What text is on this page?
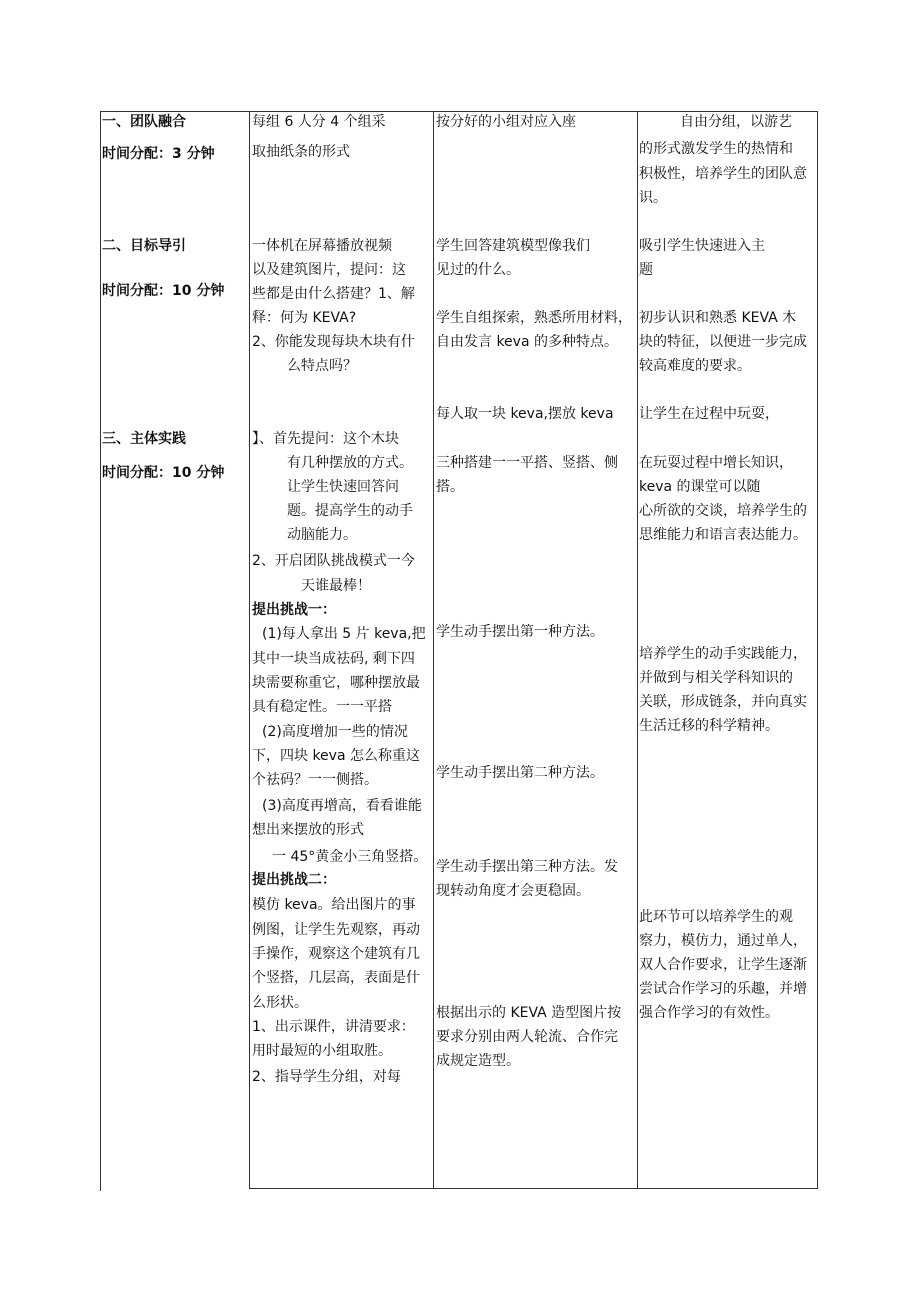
一、团队融合
时间分配：3 分钟
每组 6 人分 4 个组采
取抽纸条的形式
按分好的小组对应入座	自由分组，以游艺
的形式激发学生的热情和
积极性，培养学生的团队意
识。
二、目标导引
时间分配：10 分钟
一体机在屏幕播放视频
以及建筑图片，提问：这
些都是由什么搭建？1、解
释：何为 KEVA?
2、你能发现每块木块有什
么特点吗？
学生回答建筑模型像我们
见过的什么。
学生自组探索，熟悉所用材料，
自由发言 keva 的多种特点。
吸引学生快速进入主
题
初步认识和熟悉 KEVA 木
块的特征，以便进一步完成
较高难度的要求。
三、主体实践
时间分配：10 分钟
】、首先提问：这个木块
有几种摆放的方式。
让学生快速回答问
题。提高学生的动手
动脑能力。
2、开启团队挑战模式一今
天谁最棒！
提出挑战一：
(1)每人拿出 5 片 keva,把
其中一块当成祛码, 剩下四
块需要称重它，哪种摆放最
具有稳定性。一一平搭
(2)高度增加一些的情况
下，四块 keva 怎么称重这
个祛码？一一侧搭。
(3)高度再增高，看看谁能
想出来摆放的形式
一 45°黄金小三角竖搭。
提出挑战二：
模仿 keva。给出图片的事
例图，让学生先观察，再动
手操作，观察这个建筑有几
个竖搭，几层高，表面是什
么形状。
1、出示课件，讲清要求：
用时最短的小组取胜。
2、指导学生分组，对每
每人取一块 keva,摆放 keva
三种搭建一一平搭、竖搭、侧
搭。
学生动手摆出第一种方法。
学生动手摆出第二种方法。
学生动手摆出第三种方法。发
现转动角度才会更稳固。
根据出示的 KEVA 造型图片按
要求分别由两人轮流、合作完
成规定造型。
让学生在过程中玩耍，
在玩耍过程中增长知识，
keva 的课堂可以随
心所欲的交谈，培养学生的
思维能力和语言表达能力。
培养学生的动手实践能力，
并做到与相关学科知识的
关联，形成链条，并向真实
生活迁移的科学精神。
此环节可以培养学生的观
察力，模仿力，通过单人，
双人合作要求，让学生逐渐
尝试合作学习的乐趣，并增
强合作学习的有效性。
